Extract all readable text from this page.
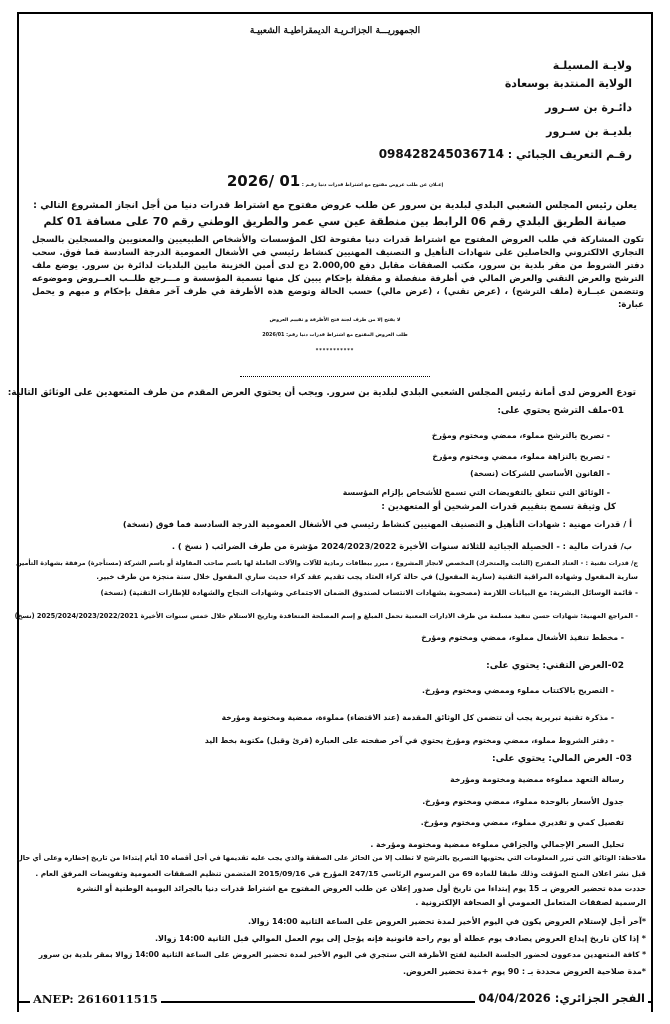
الجمهوريـــة الجزائـريـة الديمقراطيـة الشعبيـة
ولايـة المسيلـة
الولاية المنتدبة بوسعادة
دائـرة بن سـرور
بلديـة بن سـرور
رقـم التعريف الجبائي : 098428245036714
إعـلان عن طلب عروض مفتوح مع اشتراط قدرات دنيا رقـم : 2026/ 01
يعلن رئيس المجلس الشعبي البلدي لبلدية بن سرور عن طلب عروض مفتوح مع اشتراط قدرات دنيا من أجل انجاز المشروع التالي :
صيانة الطريق البلدي رقم 06 الرابط بين منطقة عين سي عمر والطريق الوطني رقم 70 على مسافة 01 كلم
تكون المشاركة في طلب العروض المفتوح مع اشتراط قدرات دنيا مفتوحة لكل المؤسسات والأشخاص الطبيعيين والمعنويين والمسجلين بالسجل التجاري الالكتروني والحاصلين على شهادات التأهيل و التصنيف المهنيين كنشاط رئيسي في الأشغال العمومية الدرجة السادسة فما فوق. سحب دفتر الشروط من مقر بلدية بن سرور، مكتب الصفقات مقابل دفع 2.000,00 دج لدى أمين الخزينة مابين البلديات لدائرة بن سرور. يوضع ملف الترشح والعرض التقني والعرض المالي في أظرفة منفصلة و مقفلة بإحكام يبين كل منها تسمية المؤسسة و مـــرجع طلــب العــروض وموضوعه وتتضمن عبــارة (ملف الترشح) ، (عرض تقني) ، (عرض مالي) حسب الحالة وتوضع هذه الأظرفة في ظرف آخر مقفل بإحكام و مبهم و يحمل عبارة:
لا يفتح إلا من طرف لجنة فتح الأظرفة و تقييم العروض
طلب العروض المفتوح مع اشتراط قدرات دنيا رقم: 2026/01
***********
تودع العروض لدى أمانة رئيس المجلس الشعبي البلدي لبلدية بن سرور. ويجب أن يحتوي العرض المقدم من طرف المتعهدين على الوثائق التالية:
01-ملف الترشح يحتوي على:
- تصريح بالترشح مملوء، ممضي ومختوم ومؤرخ
- تصريح بالنزاهة مملوء، ممضي ومختوم ومؤرخ
- القانون الأساسي للشركات (نسخة)
- الوثائق التي تتعلق بالتفويضات التي تسمح للأشخاص بإلزام المؤسسة
كل وثيقة تسمح بتقييم قدرات المرشحين أو المتعهدين :
أ / قدرات مهنية : شهادات التأهيل و التصنيف المهنيين كنشاط رئيسي في الأشغال العمومية الدرجة السادسة فما فوق (نسخة)
ب/ قدرات مالية : - الحصيلة الجبائية للثلاثة سنوات الأخيرة 2024/2023/2022 مؤشرة من طرف الضرائب ( نسخ ) .
ج/ قدرات تقنية : - العتاد المقترح (الثابت والمتحرك) المخصص لانجاز المشروع ، مبرر ببطاقات رمادية للآلات والآلات العاملة لها باسم صاحب المقاولة أو باسم الشركة (مستأجرة) مرفقة بشهادة التأمين
سارية المفعول وشهادة المراقبة التقنية (سارية المفعول) في حالة كراء العتاد يجب تقديم عقد كراء حديث ساري المفعول خلال سنة منجزة من طرف خبير.
- قائمة الوسائل البشرية: مع البيانات اللازمة (مصحوبة بشهادات الانتساب لصندوق الضمان الاجتماعي وشهادات النجاح والشهادة للإطارات التقنية) (نسخة)
- المراجع المهنية: شهادات حسن تنفيذ مسلمة من طرف الادارات المعنية تحمل المبلغ و إسم المصلحة المتعاقدة وتاريخ الاستلام خلال خمس سنوات الأخيرة 2025/2024/2023/2022/2021 (نسخ)
- مخطط تنفيذ الأشغال مملوء، ممضي ومختوم ومؤرخ
02-العرض التقني: يحتوي على:
- التصريح بالاكتتاب مملوء وممضي ومختوم ومؤرخ.
- مذكرة تقنية تبريرية يجب أن تتضمن كل الوثائق المقدمة (عند الاقتضاء) مملوءة، ممضية ومختومة ومؤرخة
- دفتر الشروط مملوء، ممضي ومختوم ومؤرخ يحتوي في آخر صفحته على العبارة (قرئ وقبل) مكتوبة بخط اليد
03- العرض المالي: يحتوي على:
رسالة التعهد مملوءة ممضية ومختومة ومؤرخة
جدول الأسعار بالوحدة مملوء، ممضي ومختوم ومؤرخ.
تفصيل كمي و تقديري مملوء، ممضي ومختوم ومؤرخ.
تحليل السعر الإجمالي والجزافي مملوءة ممضية ومختومة ومؤرخة .
ملاحظة: الوثائق التي تبرر المعلومات التي يحتويها التصريح بالترشح لا تطلب إلا من الحائز على الصفقة والذي يجب عليه تقديمها في أجل أقصاه 10 أيام إبتداءا من تاريخ إخطاره وعلى أي حال
قبل نشر اعلان المنح المؤقت وذلك طبقا للمادة 69 من المرسوم الرئاسي 247/15 المؤرخ في 2015/09/16 المتضمن تنظيم الصفقات العمومية وتفويضات المرفق العام .
حددت مدة تحضير العروض بـ 15 يوم إبتداءا من تاريخ أول صدور إعلان عن طلب العروض المفتوح مع اشتراط قدرات دنيا بالجرائد اليومية الوطنية أو النشرة
الرسمية لصفقات المتعامل العمومي أو الصحافة الإلكترونية .
*آخر أجل لإستلام العروض يكون في اليوم الأخير لمدة تحضير العروض على الساعة الثانية 14:00 زوالا.
* إذا كان تاريخ إيداع العروض يصادف يوم عطلة أو يوم راحة قانونية فإنه يؤجل إلى يوم العمل الموالي قبل الثانية 14:00 زوالا.
* كافة المتعهدين مدعوون لحضور الجلسة العلنية لفتح الأظرفة التي ستجري في اليوم الأخير لمدة تحضير العروض على الساعة الثانية 14:00 زوالا بمقر بلدية بن سرور
*مدة صلاحية العروض محددة بـ : 90 يوم +مدة تحضير العروض.
ANEP: 2616011515	الفجر الجزائري: 04/04/2026
